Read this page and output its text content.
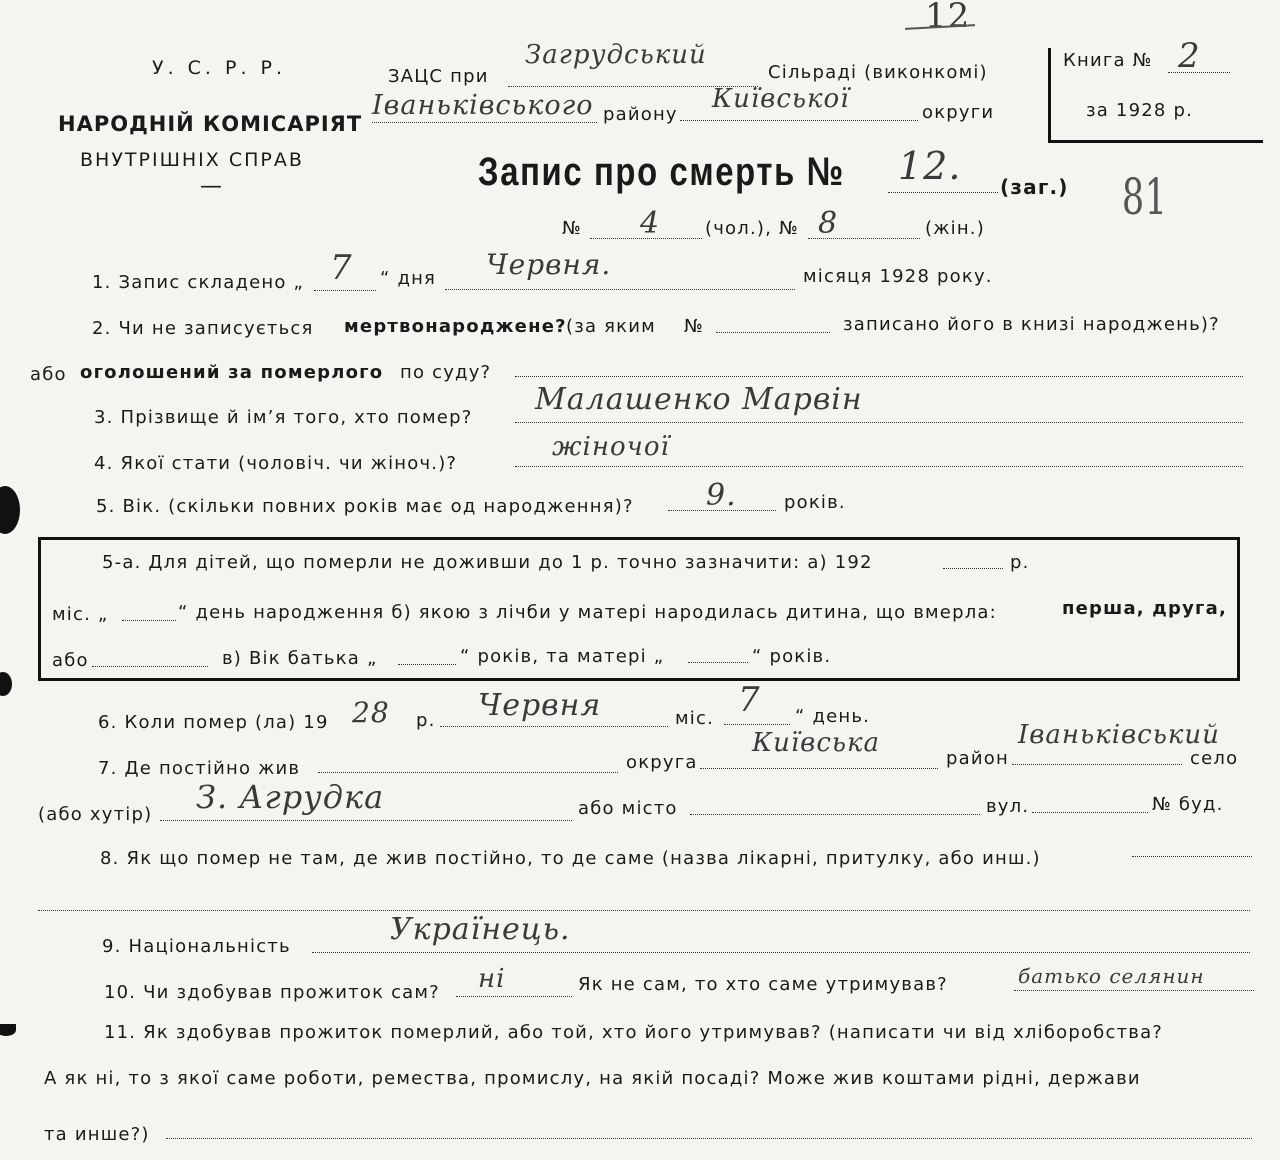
12
81
У. С. Р. Р.
НАРОДНІЙ КОМІСАРІЯТ
ВНУТРІШНІХ СПРАВ
—
ЗАЦС при
Загрудський
Сільраді (виконкомі)
Іваньківського району
Київської	округи
Книга № 2
за 1928 р.
Запис про смерть № 12. (заг.)
№ 4 (чол.), № 8	(жін.)
1. Запис складено „ 7 “ дня Червня.	місяця 1928 року.
2. Чи не записується мертвонароджене? (за яким №	записано його в книзі народжень)?
або оголошений за померлого по суду?
3. Прізвище й ім’я того, хто помер?
Малашенко Марвін
4. Якої стати (чоловіч. чи жіноч.)?
жіночої
5. Вік. (скільки повних років має од народження)? 9.	років.
5-а. Для дітей, що померли не доживши до 1 р. точно зазначити: а) 192	р.
міс. „	“ день народження б) якою з лічби у матері народилась дитина, що вмерла:	перша, друга,
або	в) Вік батька „	“ років, та матері „	“ років.
6. Коли помер (ла) 19 28 р. Червня	міс. 7 “ день.
7. Де постійно жив	округа
Київська
район
Іваньківський
село
(або хутір) З. Агрудка	або місто	вул.	№ буд.
8. Як що помер не там, де жив постійно, то де саме (назва лікарні, притулку, або инш.)
9. Національність	Українець.
10. Чи здобував прожиток сам? ні	Як не сам, то хто саме утримував?	батько селянин
11. Як здобував прожиток померлий, або той, хто його утримував? (написати чи від хліборобства?
А як ні, то з якої саме роботи, ремества, промислу, на якій посаді? Може жив коштами рідні, держави
та инше?)
